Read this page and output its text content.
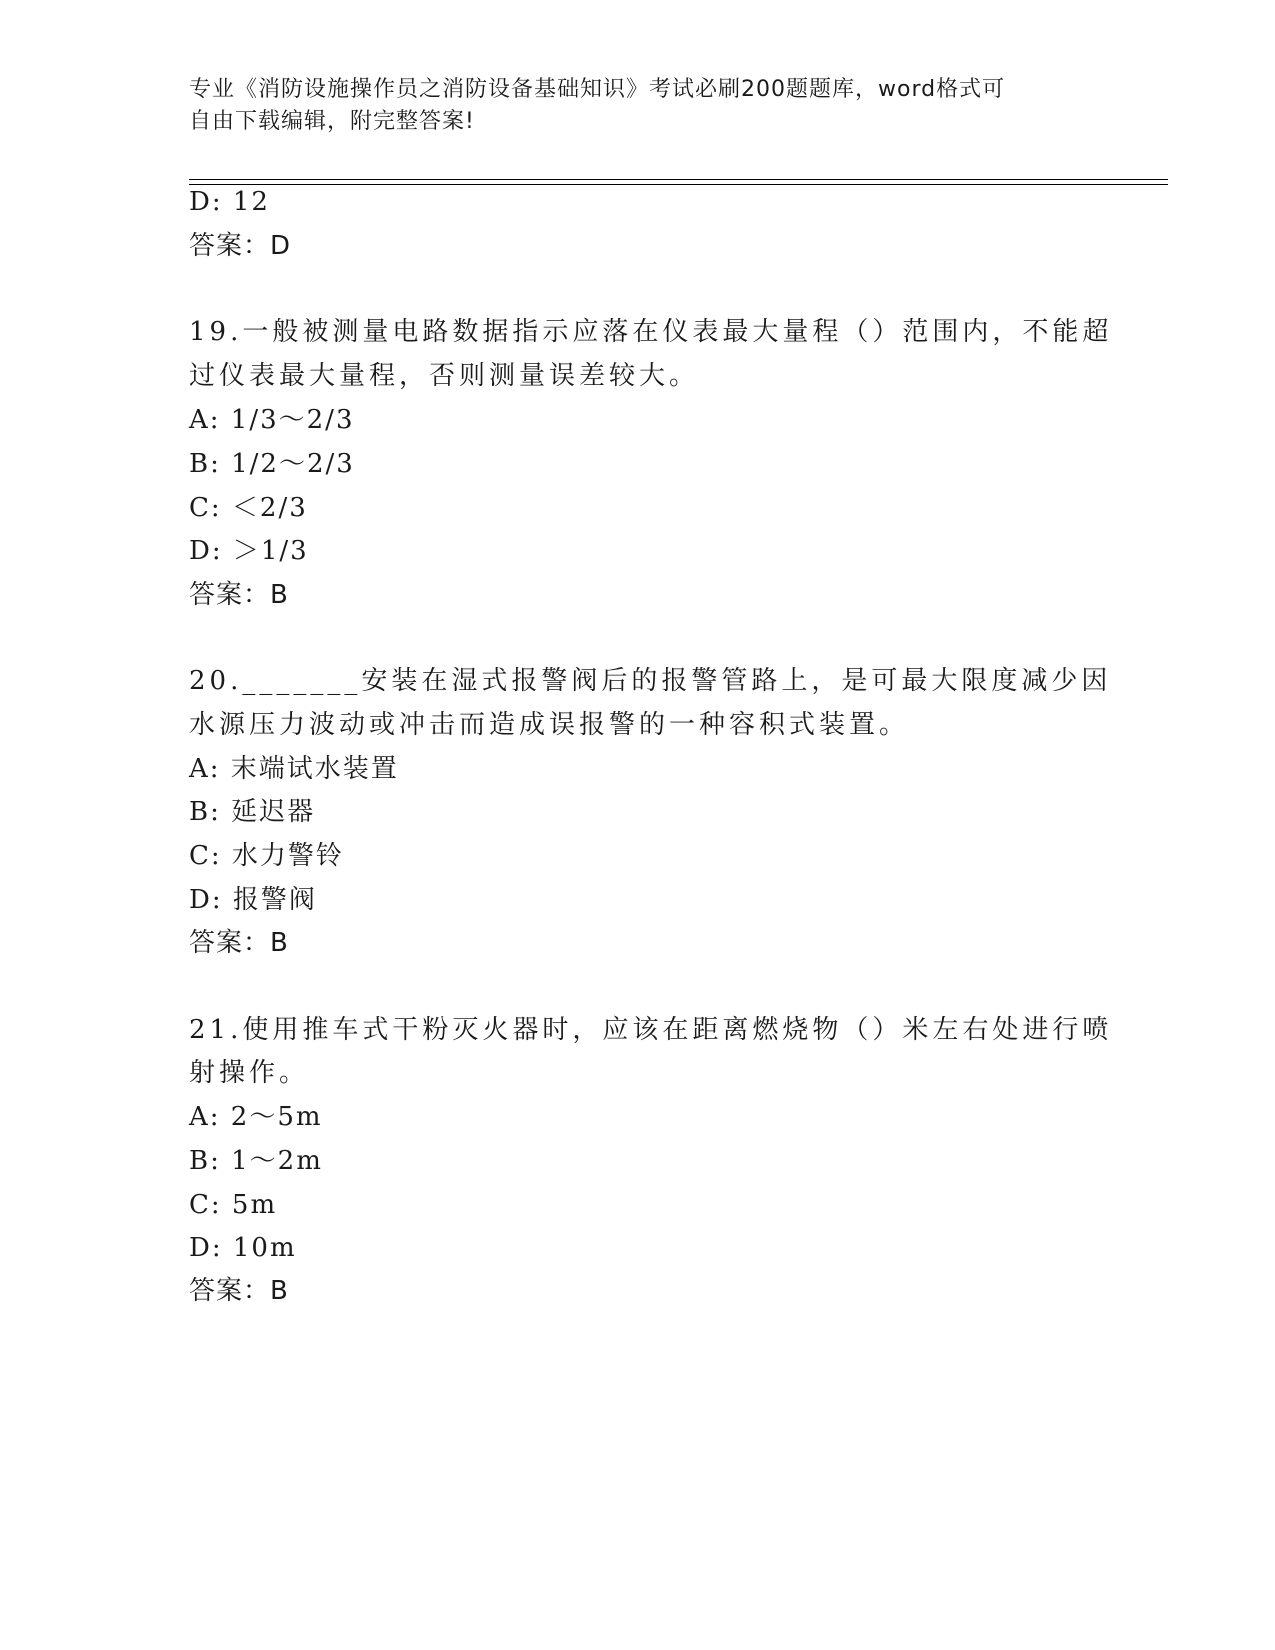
专业《消防设施操作员之消防设备基础知识》考试必刷200题题库，word格式可
自由下载编辑，附完整答案!
D: 12
答案：D
19.一般被测量电路数据指示应落在仪表最大量程（）范围内，不能超
过仪表最大量程，否则测量误差较大。
A: 1/3～2/3
B: 1/2～2/3
C: ＜2/3
D: ＞1/3
答案：B
20._______安装在湿式报警阀后的报警管路上，是可最大限度减少因
水源压力波动或冲击而造成误报警的一种容积式装置。
A: 末端试水装置
B: 延迟器
C: 水力警铃
D: 报警阀
答案：B
21.使用推车式干粉灭火器时，应该在距离燃烧物（）米左右处进行喷
射操作。
A: 2～5m
B: 1～2m
C: 5m
D: 10m
答案：B
